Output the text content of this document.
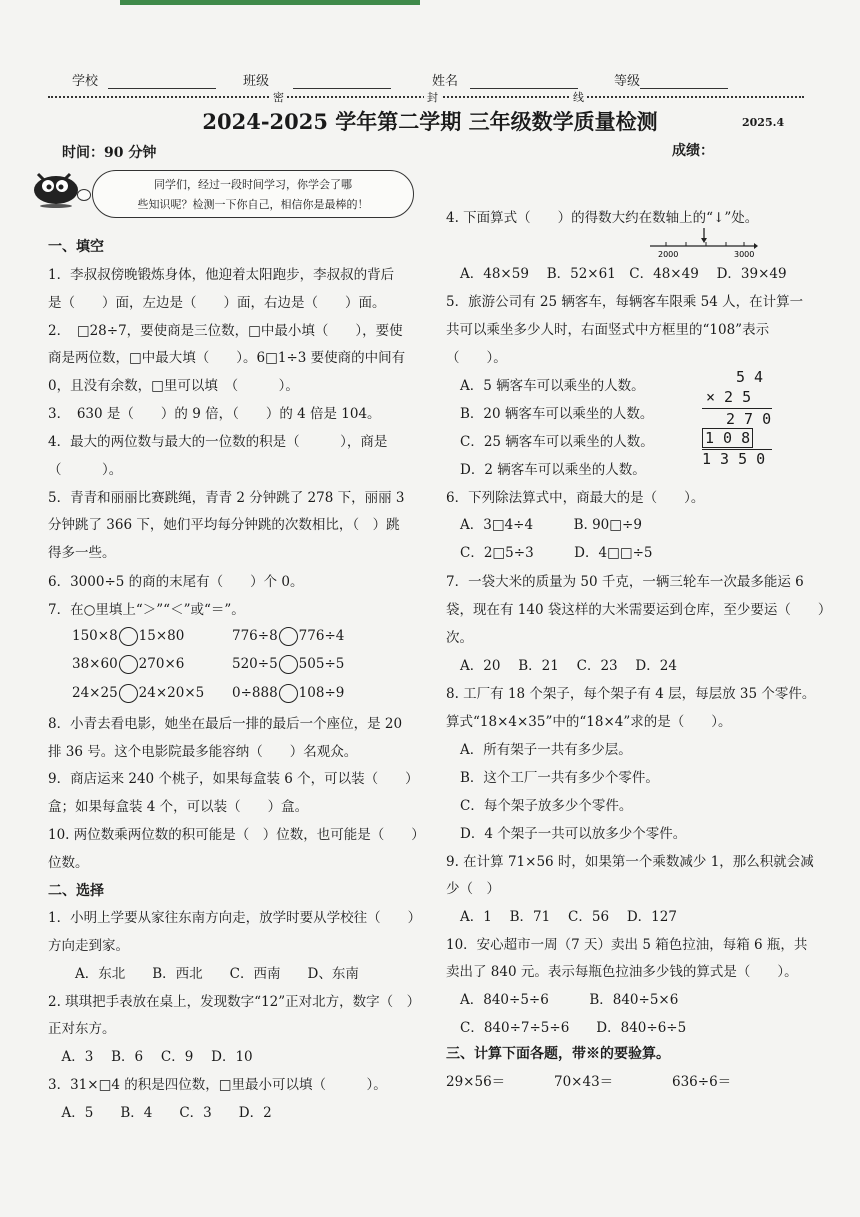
学校	班级	姓名	等级
密	封	线
2024-2025 学年第二学期 三年级数学质量检测	2025.4
时间：90 分钟	成绩：
同学们，经过一段时间学习，你学会了哪
些知识呢？检测一下你自己，相信你是最棒的！

一、填空

1．李叔叔傍晚锻炼身体，他迎着太阳跑步，李叔叔的背后

是（　　）面，左边是（　　）面，右边是（　　）面。

2．　□28÷7，要使商是三位数，□中最小填（　　），要使

商是两位数，□中最大填（　　）。6□1÷3 要使商的中间有

0，且没有余数，□里可以填　（　　　）。

3．　630 是（　　）的 9 倍，（　　）的 4 倍是 104。

4．最大的两位数与最大的一位数的积是（　　　），商是

（　　　）。

5．青青和丽丽比赛跳绳，青青 2 分钟跳了 278 下，丽丽 3

分钟跳了 366 下，她们平均每分钟跳的次数相比，（　）跳

得多一些。

6．3000÷5 的商的末尾有（　　）个 0。

7．在○里填上“＞”“＜”或“＝”。

150×8 15×80	776÷8 776÷4

38×60 270×6	520÷5 505÷5

24×25 24×20×5 0÷888 108÷9

8．小青去看电影，她坐在最后一排的最后一个座位，是 20

排 36 号。这个电影院最多能容纳（　　）名观众。

9．商店运来 240 个桃子，如果每盒装 6 个，可以装（　　）

盒；如果每盒装 4 个，可以装（　　）盒。

10. 两位数乘两位数的积可能是（　）位数，也可能是（　　）

位数。

二、选择

1．小明上学要从家往东南方向走，放学时要从学校往（　　）

方向走到家。

　　A．东北　　B．西北　　C．西南　　D、东南

2. 琪琪把手表放在桌上，发现数字“12”正对北方，数字（　）

正对东方。

　A．3　 B．6　 C．9　 D．10

3．31×□4 的积是四位数，□里最小可以填（　　　）。

　A．5　　B．4　　C．3　　D．2

4. 下面算式（　　）的得数大约在数轴上的“↓”处。

A．48×59　 B．52×61　C．48×49　 D．39×49

5．旅游公司有 25 辆客车，每辆客车限乘 54 人，在计算一

共可以乘坐多少人时，右面竖式中方框里的“108”表示

（　　）。

A．5 辆客车可以乘坐的人数。

B．20 辆客车可以乘坐的人数。

C．25 辆客车可以乘坐的人数。

D．2 辆客车可以乘坐的人数。

6．下列除法算式中，商最大的是（　　）。

A．3□4÷4　　　B. 90□÷9

C．2□5÷3　　　D．4□□÷5

7．一袋大米的质量为 50 千克，一辆三轮车一次最多能运 6

袋，现在有 140 袋这样的大米需要运到仓库，至少要运（　　）

次。

A．20　 B．21　 C．23　 D．24

8. 工厂有 18 个架子，每个架子有 4 层，每层放 35 个零件。

算式“18×4×35”中的“18×4”求的是（　　）。

A．所有架子一共有多少层。

B．这个工厂一共有多少个零件。

C．每个架子放多少个零件。

D．4 个架子一共可以放多少个零件。

9. 在计算 71×56 时，如果第一个乘数减少 1，那么积就会减

少（　）

A．1　 B．71　 C．56　 D．127

10．安心超市一周（7 天）卖出 5 箱色拉油，每箱 6 瓶，共

卖出了 840 元。表示每瓶色拉油多少钱的算式是（　　）。

A．840÷5÷6　　　B．840÷5×6

C．840÷7÷5÷6　　D．840÷6÷5

三、计算下面各题，带※的要验算。

29×56＝	70×43＝	636÷6＝

2000	3000
5 4
× 2 5
2 7 0
1 0 8
1 3 5 0
